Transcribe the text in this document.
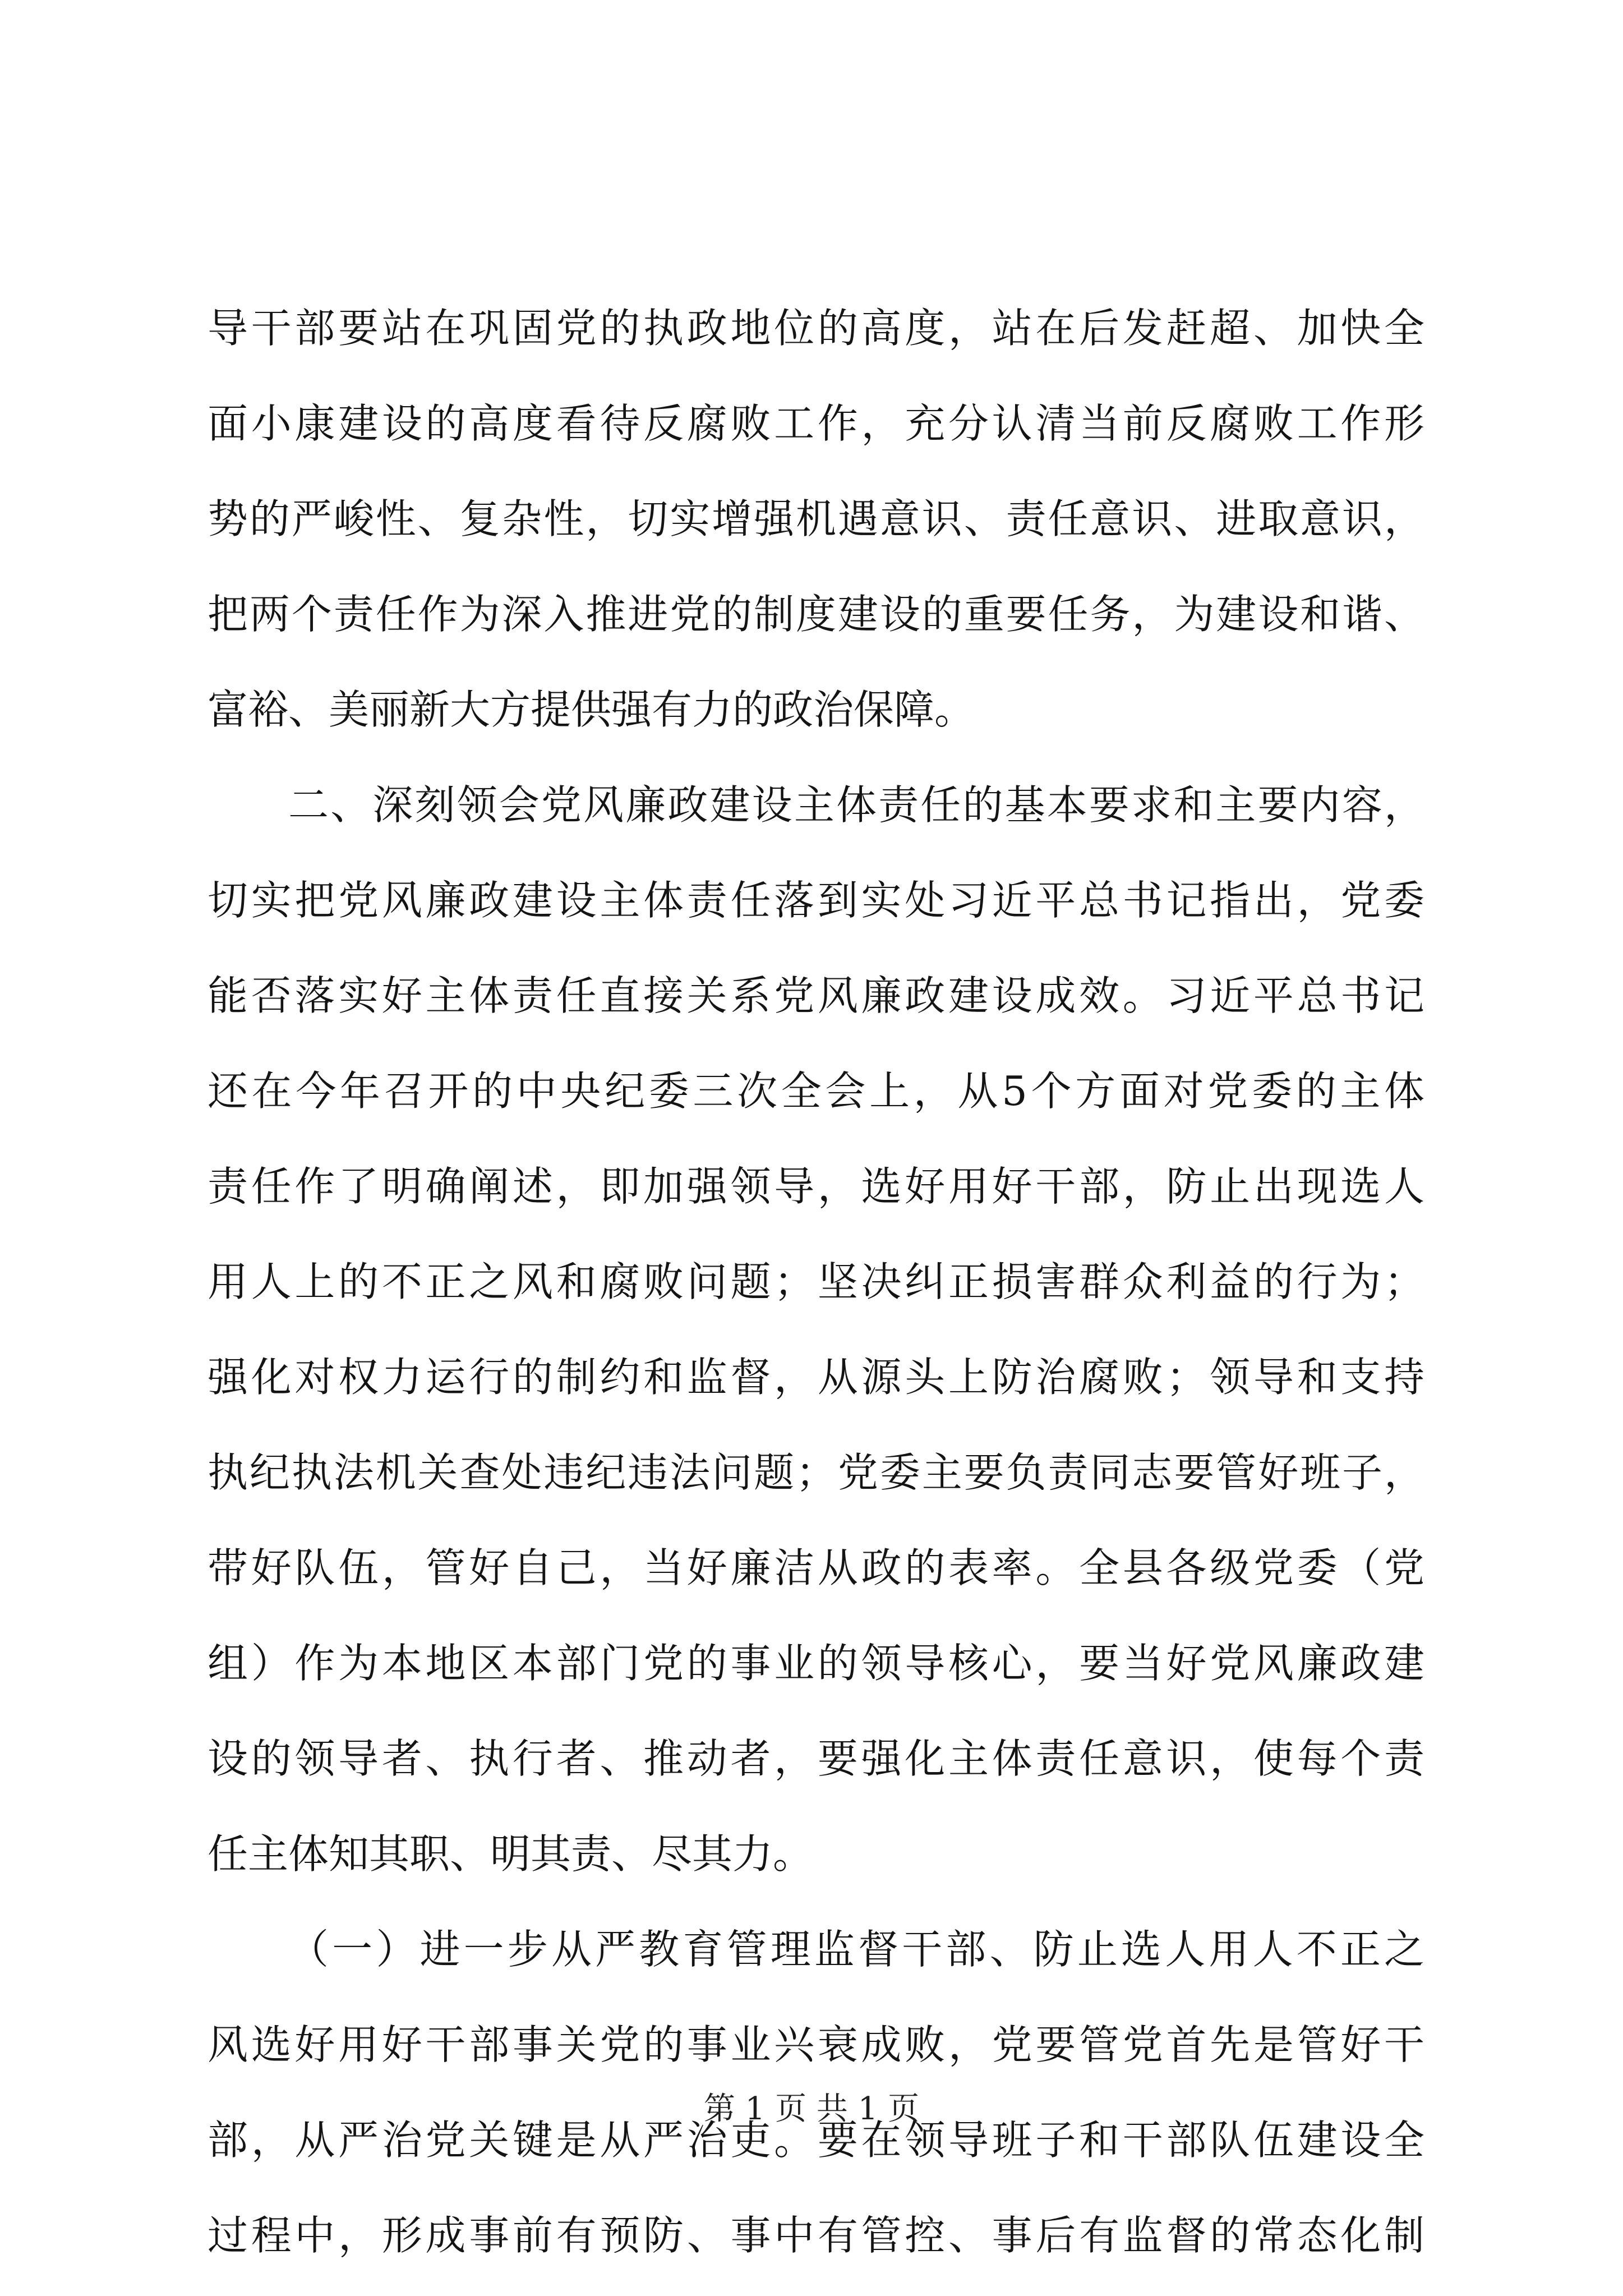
导干部要站在巩固党的执政地位的高度，站在后发赶超、加快全
面小康建设的高度看待反腐败工作，充分认清当前反腐败工作形
势的严峻性、复杂性，切实增强机遇意识、责任意识、进取意识，
把两个责任作为深入推进党的制度建设的重要任务，为建设和谐、
富裕、美丽新大方提供强有力的政治保障。
二、深刻领会党风廉政建设主体责任的基本要求和主要内容，
切实把党风廉政建设主体责任落到实处习近平总书记指出，党委
能否落实好主体责任直接关系党风廉政建设成效。习近平总书记
还在今年召开的中央纪委三次全会上，从5个方面对党委的主体
责任作了明确阐述，即加强领导，选好用好干部，防止出现选人
用人上的不正之风和腐败问题；坚决纠正损害群众利益的行为；
强化对权力运行的制约和监督，从源头上防治腐败；领导和支持
执纪执法机关查处违纪违法问题；党委主要负责同志要管好班子，
带好队伍，管好自己，当好廉洁从政的表率。全县各级党委（党
组）作为本地区本部门党的事业的领导核心，要当好党风廉政建
设的领导者、执行者、推动者，要强化主体责任意识，使每个责
任主体知其职、明其责、尽其力。
（一）进一步从严教育管理监督干部、防止选人用人不正之
风选好用好干部事关党的事业兴衰成败，党要管党首先是管好干
部，从严治党关键是从严治吏。要在领导班子和干部队伍建设全
过程中，形成事前有预防、事中有管控、事后有监督的常态化制
第 1 页 共 1 页
